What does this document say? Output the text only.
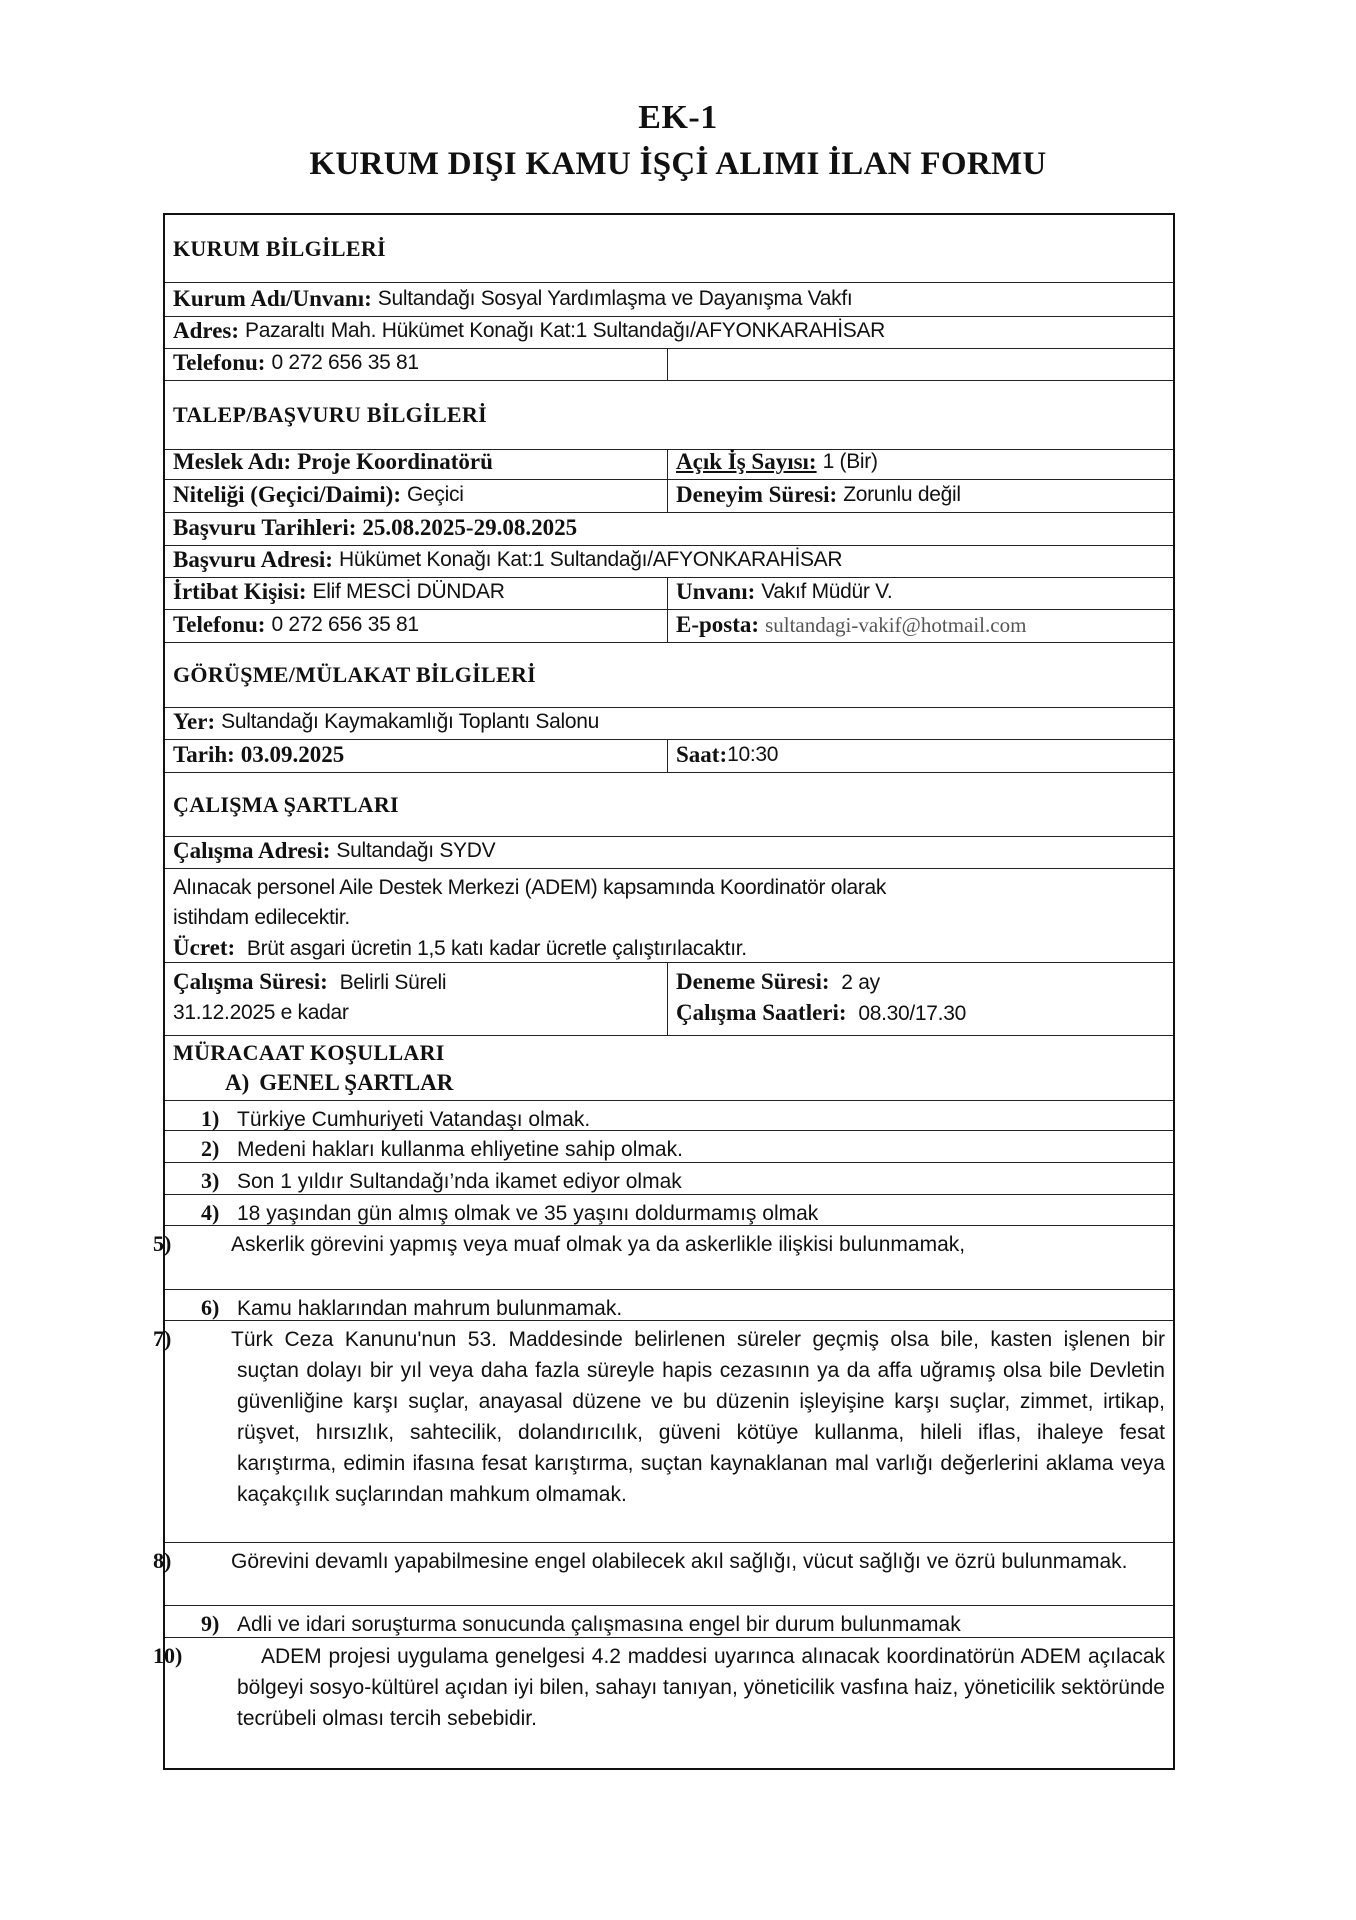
EK-1
KURUM DIŞI KAMU İŞÇİ ALIMI İLAN FORMU
KURUM BİLGİLERİ
Kurum Adı/Unvanı: Sultandağı Sosyal Yardımlaşma ve Dayanışma Vakfı
Adres: Pazaraltı Mah. Hükümet Konağı Kat:1 Sultandağı/AFYONKARAHİSAR
Telefonu: 0 272 656 35 81
TALEP/BAŞVURU BİLGİLERİ
Meslek Adı: Proje Koordinatörü	Açık İş Sayısı: 1 (Bir)
Niteliği (Geçici/Daimi): Geçici	Deneyim Süresi: Zorunlu değil
Başvuru Tarihleri: 25.08.2025-29.08.2025
Başvuru Adresi: Hükümet Konağı Kat:1 Sultandağı/AFYONKARAHİSAR
İrtibat Kişisi: Elif MESCİ DÜNDAR	Unvanı: Vakıf Müdür V.
Telefonu: 0 272 656 35 81	E-posta: sultandagi-vakif@hotmail.com
GÖRÜŞME/MÜLAKAT BİLGİLERİ
Yer: Sultandağı Kaymakamlığı Toplantı Salonu
Tarih: 03.09.2025	Saat: 10:30
ÇALIŞMA ŞARTLARI
Çalışma Adresi: Sultandağı SYDV
Alınacak personel Aile Destek Merkezi (ADEM) kapsamında Koordinatör olarak
istihdam edilecektir.
Ücret: Brüt asgari ücretin 1,5 katı kadar ücretle çalıştırılacaktır.
Çalışma Süresi: Belirli Süreli
31.12.2025 e kadar
Deneme Süresi: 2 ay
Çalışma Saatleri: 08.30/17.30
MÜRACAAT KOŞULLARI
A) GENEL ŞARTLAR
1) Türkiye Cumhuriyeti Vatandaşı olmak.
2) Medeni hakları kullanma ehliyetine sahip olmak.
3) Son 1 yıldır Sultandağı’nda ikamet ediyor olmak
4) 18 yaşından gün almış olmak ve 35 yaşını doldurmamış olmak
5)	Askerlik görevini yapmış veya muaf olmak ya da askerlikle ilişkisi bulunmamak,
6) Kamu haklarından mahrum bulunmamak.
7)	Türk Ceza Kanunu'nun 53. Maddesinde belirlenen süreler geçmiş olsa bile, kasten işlenen bir suçtan dolayı bir yıl veya daha fazla süreyle hapis cezasının ya da affa uğramış olsa bile Devletin güvenliğine karşı suçlar, anayasal düzene ve bu düzenin işleyişine karşı suçlar, zimmet, irtikap, rüşvet, hırsızlık, sahtecilik, dolandırıcılık, güveni kötüye kullanma, hileli iflas, ihaleye fesat karıştırma, edimin ifasına fesat karıştırma, suçtan kaynaklanan mal varlığı değerlerini aklama veya kaçakçılık suçlarından mahkum olmamak.
8)	Görevini devamlı yapabilmesine engel olabilecek akıl sağlığı, vücut sağlığı ve özrü bulunmamak.
9) Adli ve idari soruşturma sonucunda çalışmasına engel bir durum bulunmamak
10)	ADEM projesi uygulama genelgesi 4.2 maddesi uyarınca alınacak koordinatörün ADEM açılacak bölgeyi sosyo-kültürel açıdan iyi bilen, sahayı tanıyan, yöneticilik vasfına haiz, yöneticilik sektöründe tecrübeli olması tercih sebebidir.
